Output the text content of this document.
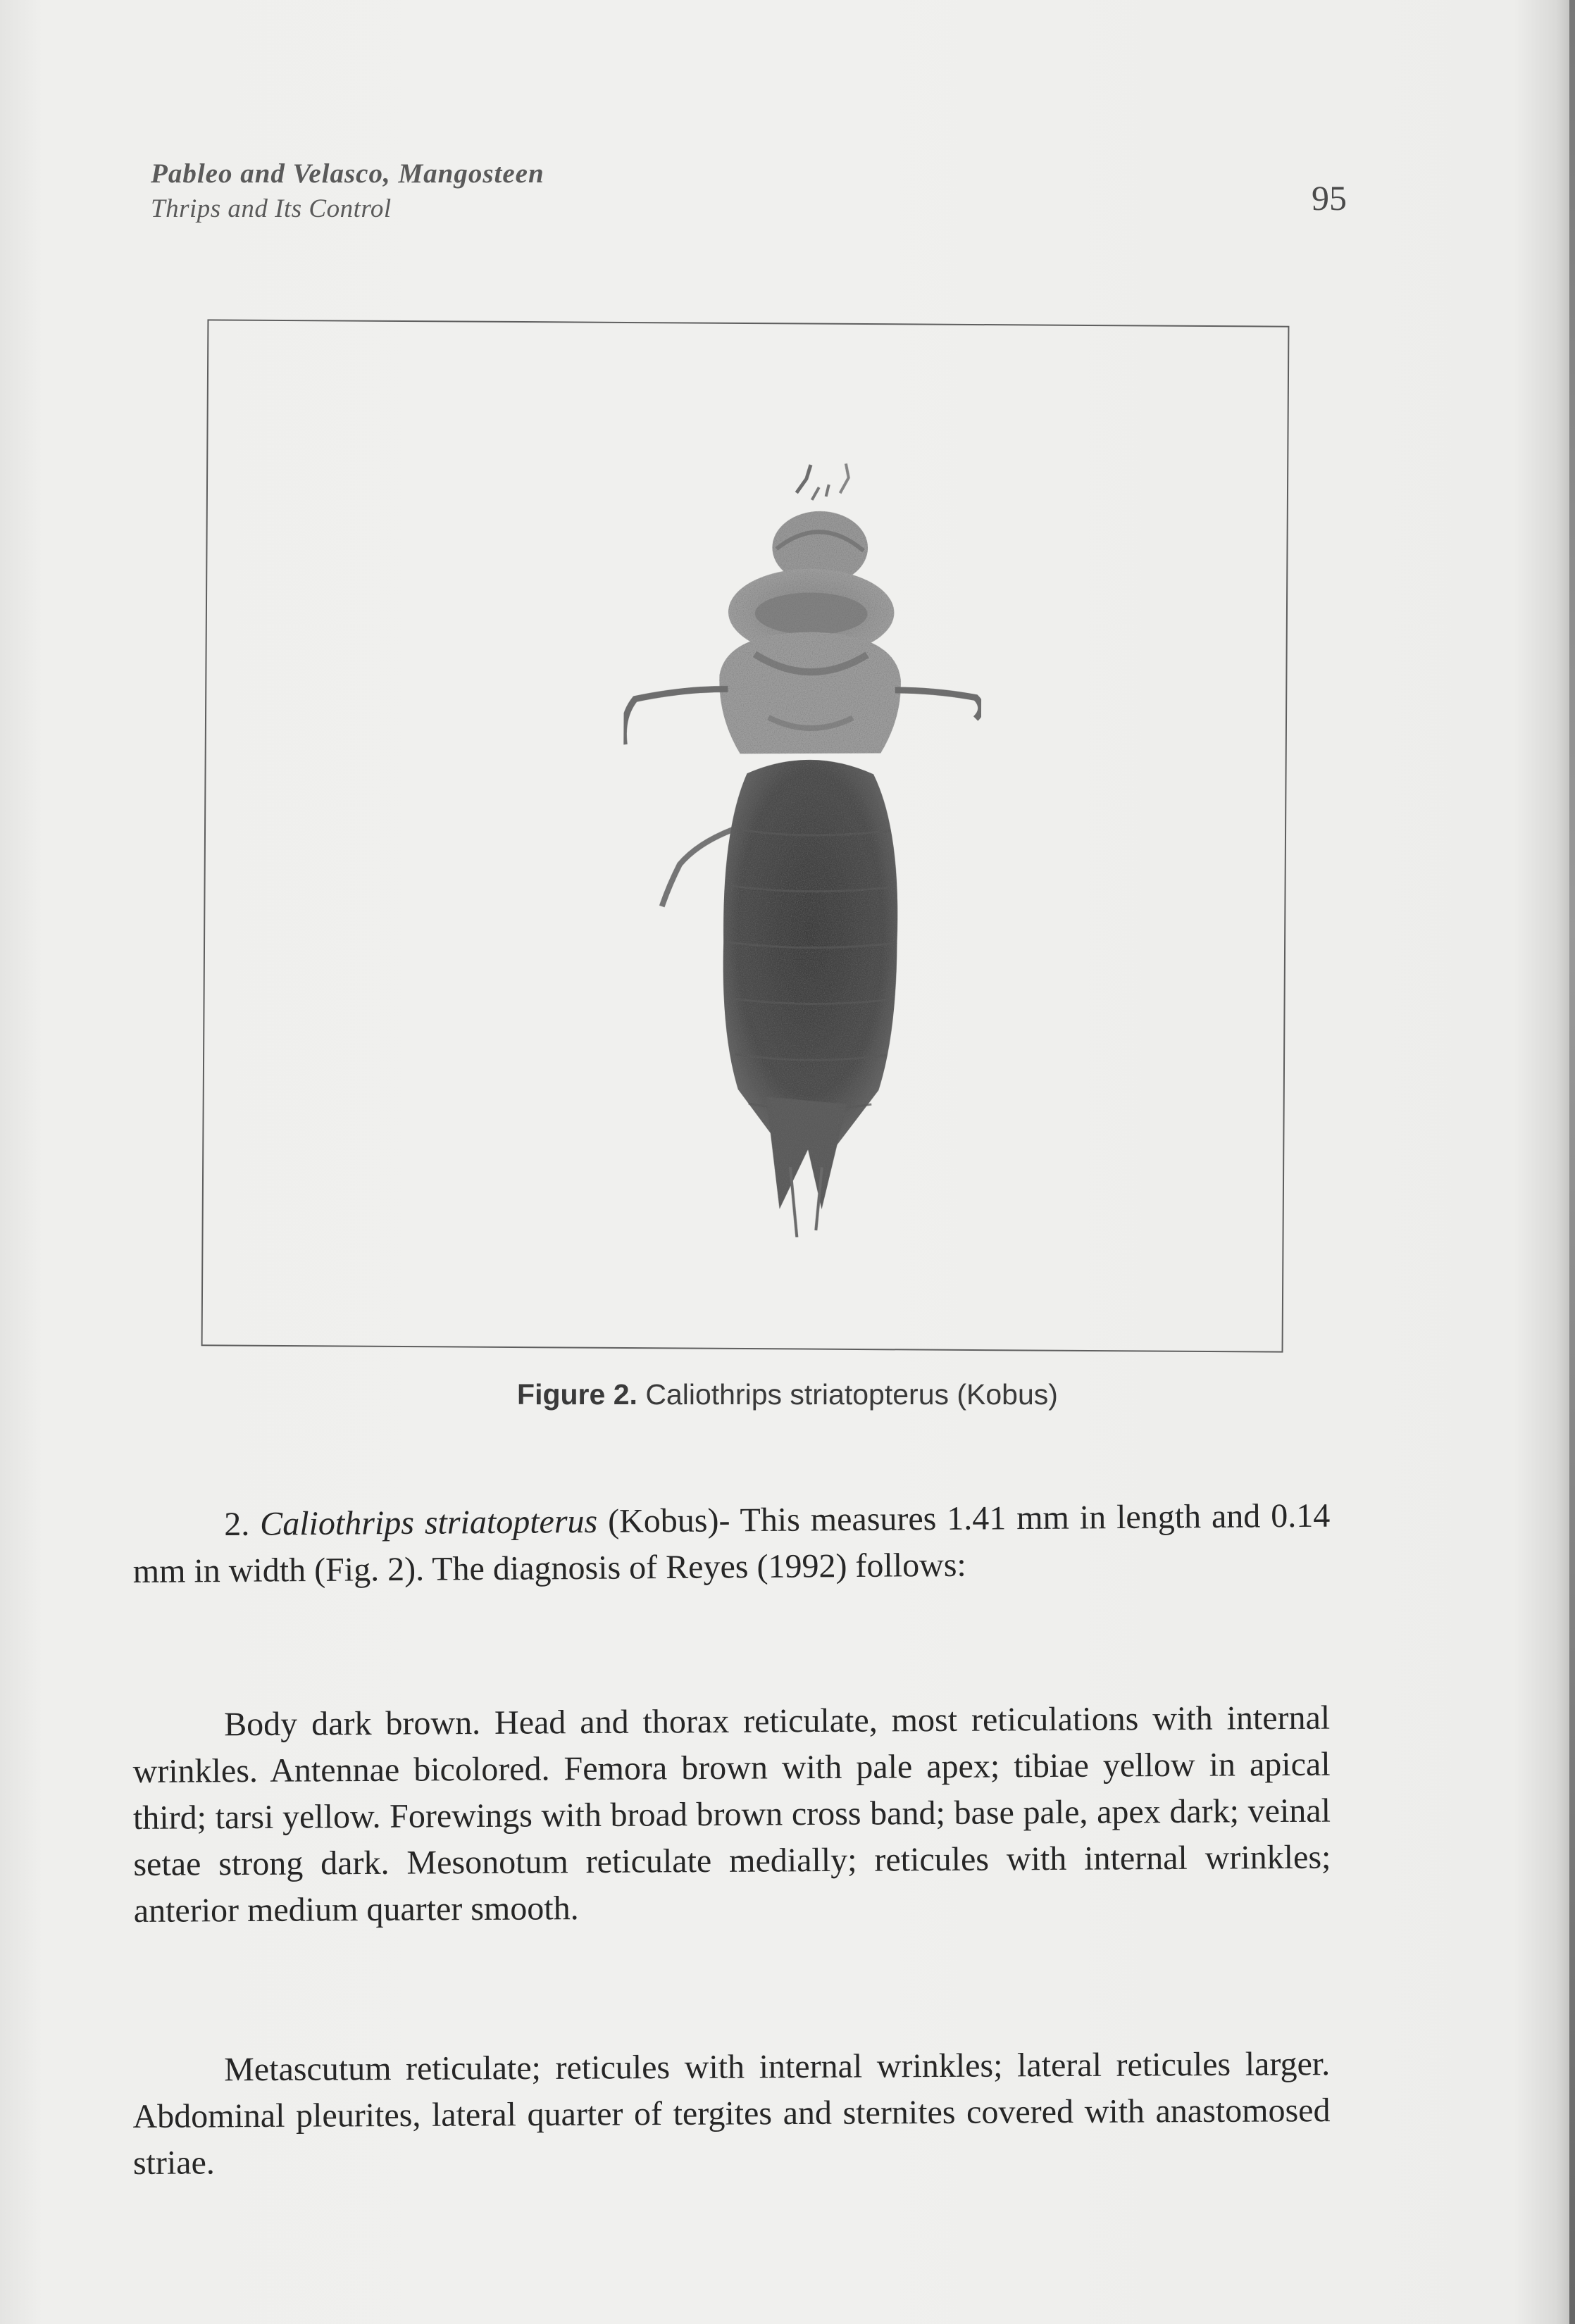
Pableo and Velasco, Mangosteen
Thrips and Its Control	95
Figure 2. Caliothrips striatopterus (Kobus)

2. Caliothrips striatopterus (Kobus)- This measures 1.41 mm in length and 0.14 mm in width (Fig. 2). The diagnosis of Reyes (1992) follows:

Body dark brown. Head and thorax reticulate, most reticulations with internal wrinkles. Antennae bicolored. Femora brown with pale apex; tibiae yellow in apical third; tarsi yellow. Forewings with broad brown cross band; base pale, apex dark; veinal setae strong dark. Mesonotum reticulate medially; reticules with internal wrinkles; anterior medium quarter smooth.

Metascutum reticulate; reticules with internal wrinkles; lateral reticules larger. Abdominal pleurites, lateral quarter of tergites and sternites covered with anastomosed striae.
